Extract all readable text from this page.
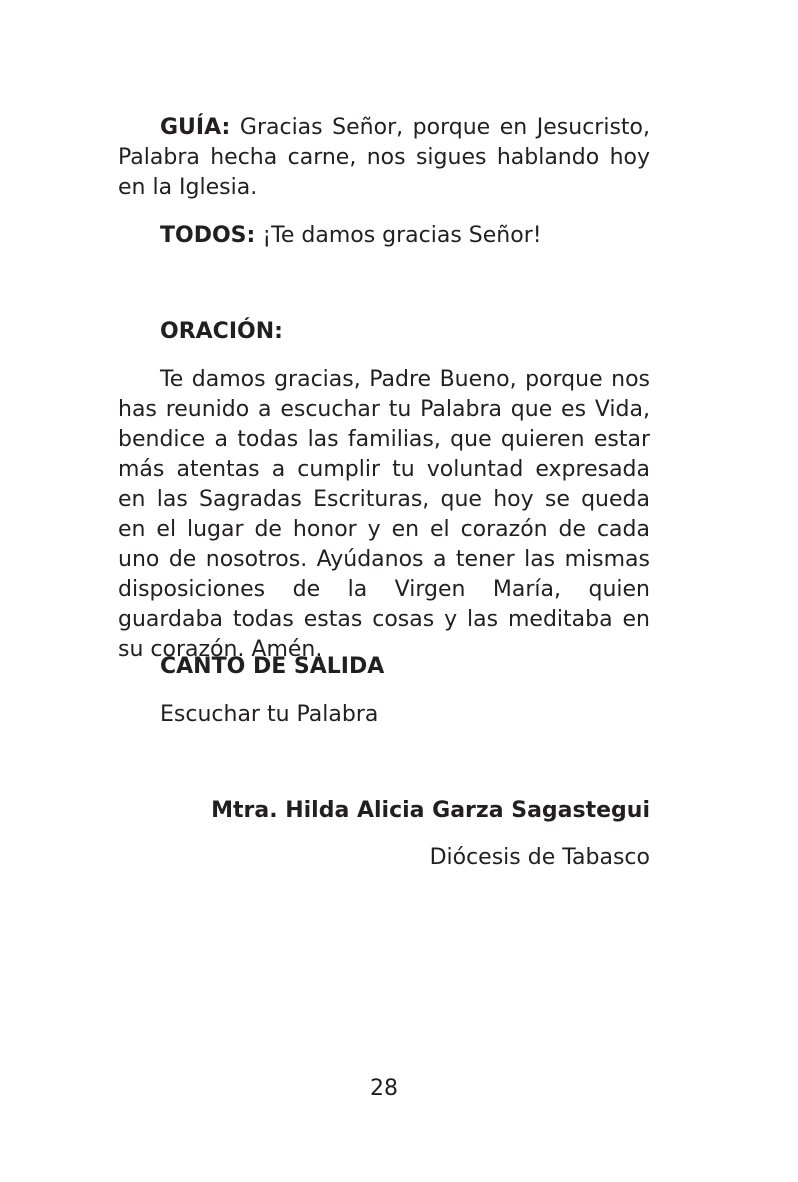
GUÍA: Gracias Señor, porque en Jesucristo, Palabra hecha carne, nos sigues hablando hoy en la Iglesia.

TODOS: ¡Te damos gracias Señor!

ORACIÓN:

Te damos gracias, Padre Bueno, porque nos has reunido a escuchar tu Palabra que es Vida, bendice a todas las familias, que quieren estar más atentas a cumplir tu voluntad expresada en las Sagradas Escrituras, que hoy se queda en el lugar de honor y en el corazón de cada uno de nosotros. Ayúdanos a tener las mismas disposiciones de la Virgen María, quien guardaba todas estas cosas y las meditaba en su corazón. Amén.

CANTO DE SALIDA

Escuchar tu Palabra

Mtra. Hilda Alicia Garza Sagastegui
Diócesis de Tabasco
28
